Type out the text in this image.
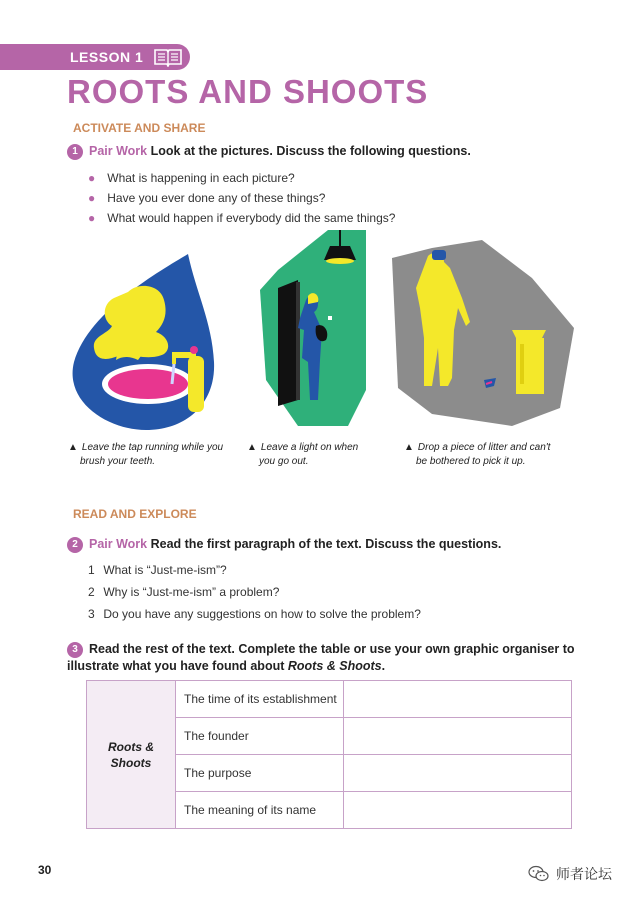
LESSON 1
ROOTS AND SHOOTS
ACTIVATE AND SHARE
1 Pair Work Look at the pictures. Discuss the following questions.
● What is happening in each picture?
● Have you ever done any of these things?
● What would happen if everybody did the same things?
▲ Leave the tap running while you
brush your teeth.
▲ Leave a light on when
you go out.
▲ Drop a piece of litter and can't
be bothered to pick it up.
READ AND EXPLORE
2 Pair Work Read the first paragraph of the text. Discuss the questions.
1 What is “Just-me-ism”?
2 Why is “Just-me-ism” a problem?
3 Do you have any suggestions on how to solve the problem?
3 Read the rest of the text. Complete the table or use your own graphic organiser to illustrate what you have found about Roots & Shoots.
Roots & Shoots	The time of its establishment	
	The founder	
	The purpose	
	The meaning of its name	
30	师者论坛
